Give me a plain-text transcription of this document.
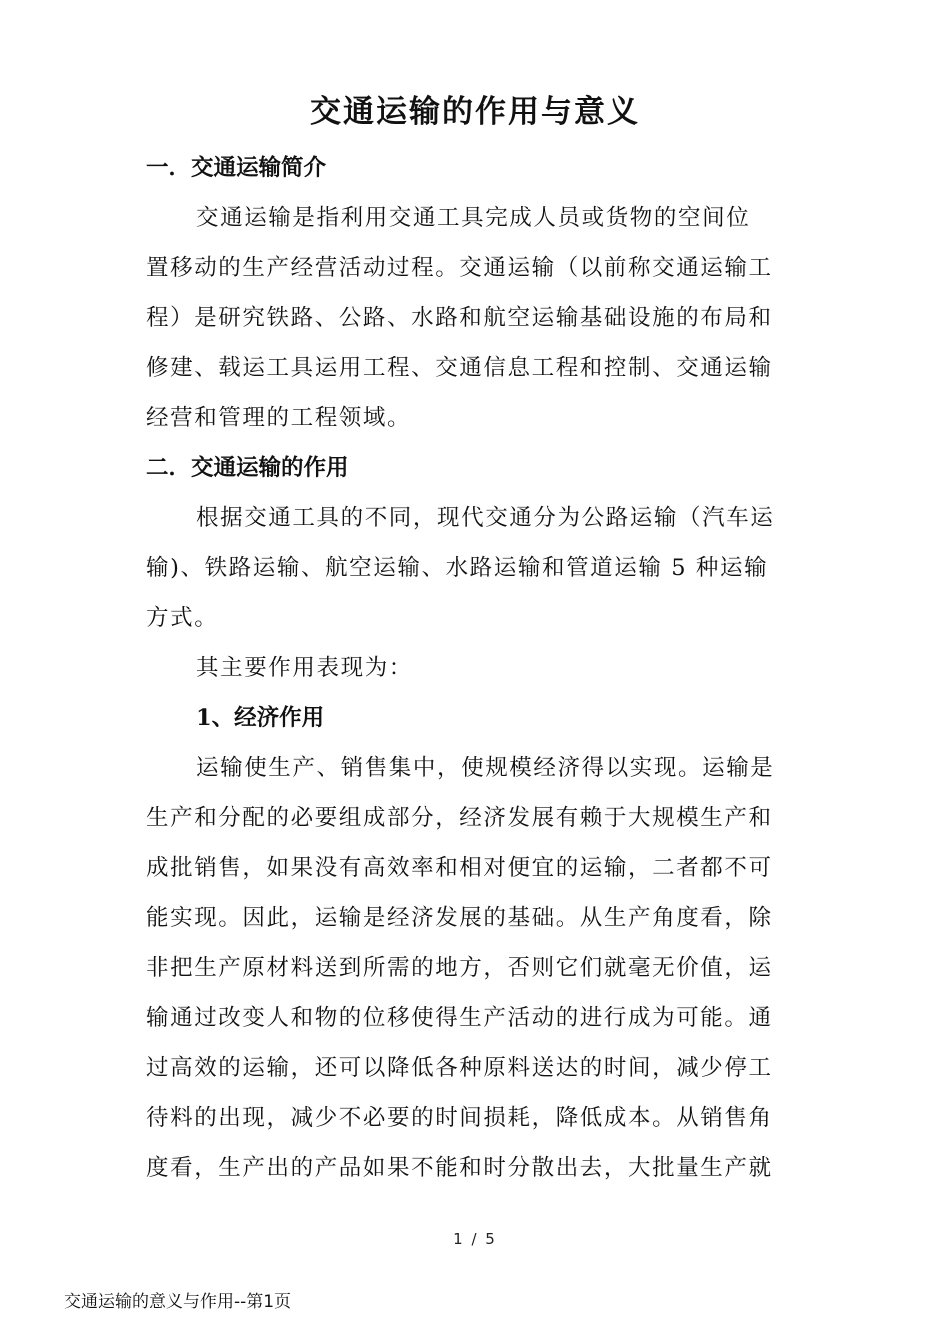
交通运输的作用与意义

一．交通运输简介

交通运输是指利用交通工具完成人员或货物的空间位
置移动的生产经营活动过程。交通运输（以前称交通运输工
程）是研究铁路、公路、水路和航空运输基础设施的布局和
修建、载运工具运用工程、交通信息工程和控制、交通运输
经营和管理的工程领域。

二．交通运输的作用

根据交通工具的不同，现代交通分为公路运输（汽车运
输)、铁路运输、航空运输、水路运输和管道运输 5 种运输
方式。

其主要作用表现为：

1、经济作用

运输使生产、销售集中，使规模经济得以实现。运输是
生产和分配的必要组成部分，经济发展有赖于大规模生产和
成批销售，如果没有高效率和相对便宜的运输，二者都不可
能实现。因此，运输是经济发展的基础。从生产角度看，除
非把生产原材料送到所需的地方，否则它们就毫无价值，运
输通过改变人和物的位移使得生产活动的进行成为可能。通
过高效的运输，还可以降低各种原料送达的时间，减少停工
待料的出现，减少不必要的时间损耗，降低成本。从销售角
度看，生产出的产品如果不能和时分散出去，大批量生产就

1 / 5
交通运输的意义与作用--第1页
